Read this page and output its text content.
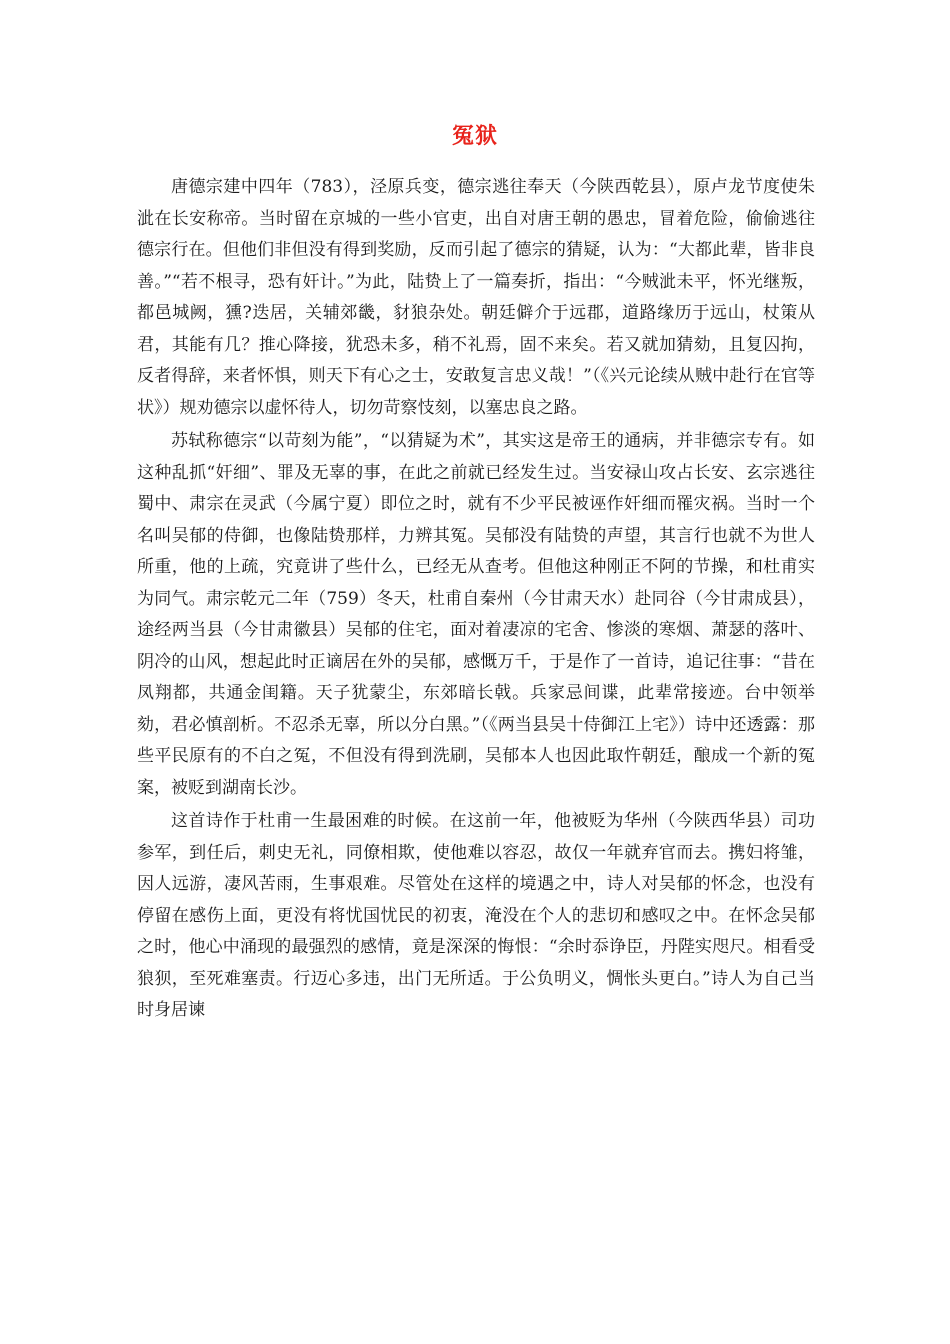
冤狱

唐德宗建中四年（783），泾原兵变，德宗逃往奉天（今陕西乾县），原卢龙节度使朱泚在长安称帝。当时留在京城的一些小官吏，出自对唐王朝的愚忠，冒着危险，偷偷逃往德宗行在。但他们非但没有得到奖励，反而引起了德宗的猜疑，认为：“大都此辈，皆非良善。”“若不根寻，恐有奸计。”为此，陆贽上了一篇奏折，指出：“今贼泚未平，怀光继叛，都邑城阙，獯?迭居，关辅郊畿，豺狼杂处。朝廷僻介于远郡，道路缘历于远山，杖策从君，其能有几？推心降接，犹恐未多，稍不礼焉，固不来矣。若又就加猜劾，且复囚拘，反者得辞，来者怀惧，则天下有心之士，安敢复言忠义哉！”（《兴元论续从贼中赴行在官等状》）规劝德宗以虚怀待人，切勿苛察忮刻，以塞忠良之路。

苏轼称德宗“以苛刻为能”，“以猜疑为术”，其实这是帝王的通病，并非德宗专有。如这种乱抓“奸细”、罪及无辜的事，在此之前就已经发生过。当安禄山攻占长安、玄宗逃往蜀中、肃宗在灵武（今属宁夏）即位之时，就有不少平民被诬作奸细而罹灾祸。当时一个名叫吴郁的侍御，也像陆贽那样，力辨其冤。吴郁没有陆贽的声望，其言行也就不为世人所重，他的上疏，究竟讲了些什么，已经无从查考。但他这种刚正不阿的节操，和杜甫实为同气。肃宗乾元二年（759）冬天，杜甫自秦州（今甘肃天水）赴同谷（今甘肃成县），途经两当县（今甘肃徽县）吴郁的住宅，面对着凄凉的宅舍、惨淡的寒烟、萧瑟的落叶、阴冷的山风，想起此时正谪居在外的吴郁，感慨万千，于是作了一首诗，追记往事：“昔在凤翔都，共通金闺籍。天子犹蒙尘，东郊暗长戟。兵家忌间谍，此辈常接迹。台中领举劾，君必慎剖析。不忍杀无辜，所以分白黑。”（《两当县吴十侍御江上宅》）诗中还透露：那些平民原有的不白之冤，不但没有得到洗刷，吴郁本人也因此取忤朝廷，酿成一个新的冤案，被贬到湖南长沙。

这首诗作于杜甫一生最困难的时候。在这前一年，他被贬为华州（今陕西华县）司功参军，到任后，刺史无礼，同僚相欺，使他难以容忍，故仅一年就弃官而去。携妇将雏，因人远游，凄风苦雨，生事艰难。尽管处在这样的境遇之中，诗人对吴郁的怀念，也没有停留在感伤上面，更没有将忧国忧民的初衷，淹没在个人的悲切和感叹之中。在怀念吴郁之时，他心中涌现的最强烈的感情，竟是深深的悔恨：“余时忝诤臣，丹陛实咫尺。相看受狼狈，至死难塞责。行迈心多违，出门无所适。于公负明义，惆怅头更白。”诗人为自己当时身居谏
